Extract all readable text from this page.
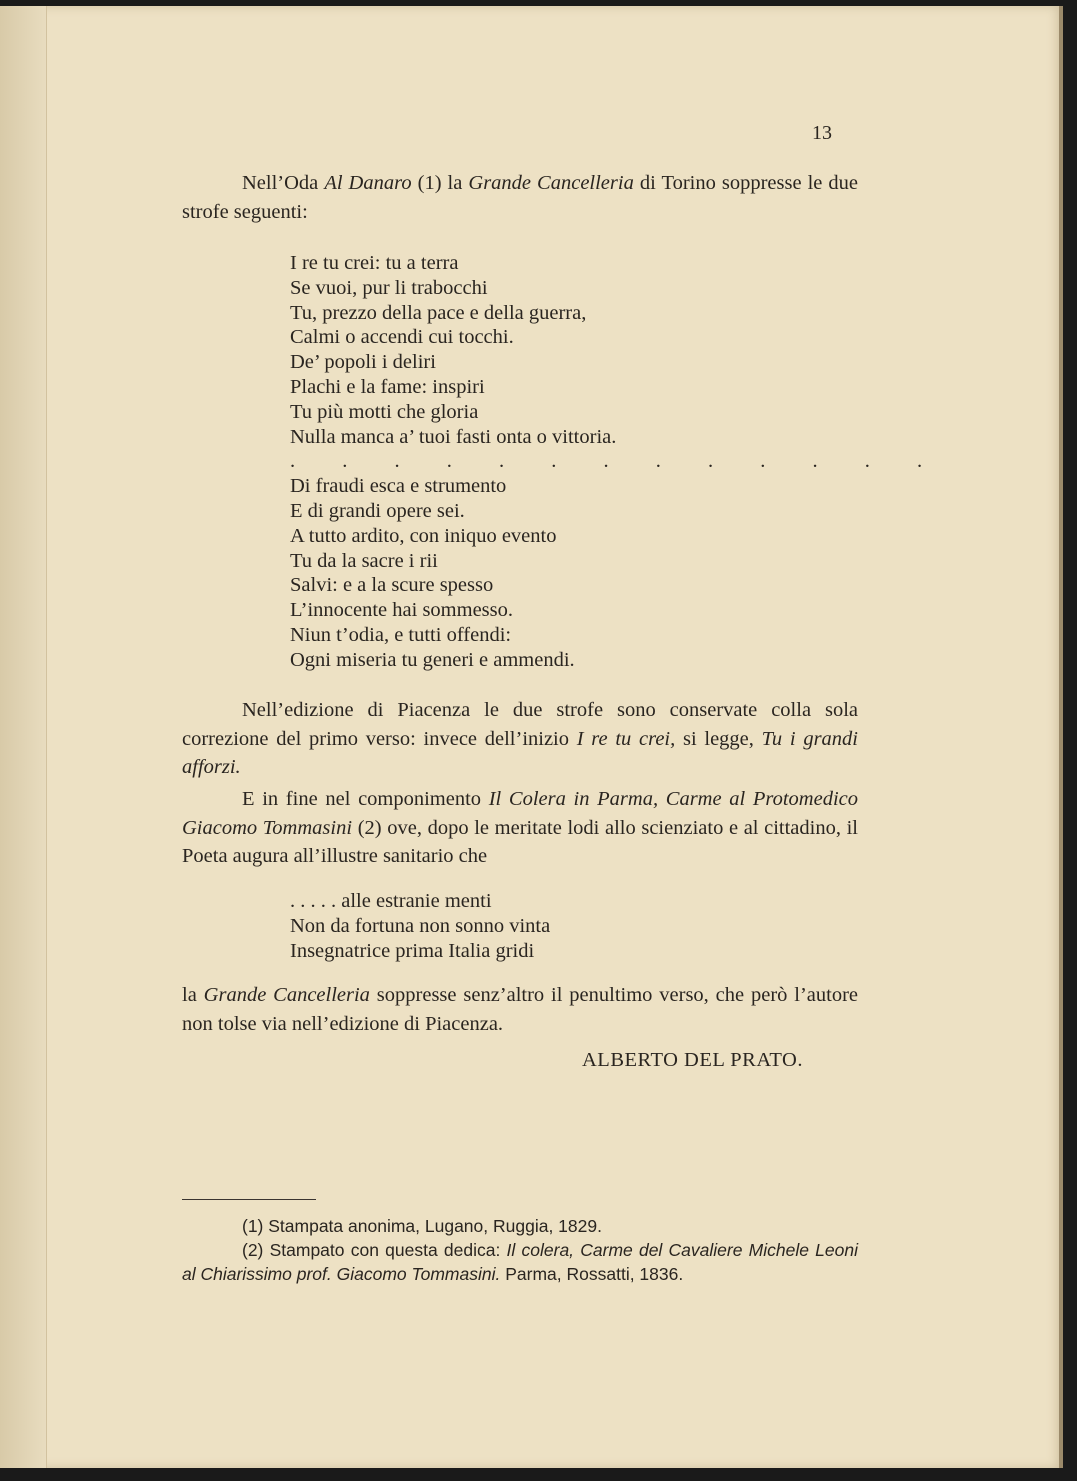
13

Nell’Oda Al Danaro (1) la Grande Cancelleria di Torino soppresse le due strofe seguenti:

I re tu crei: tu a terra
Se vuoi, pur li trabocchi
Tu, prezzo della pace e della guerra,
Calmi o accendi cui tocchi.
De’ popoli i deliri
Plachi e la fame: inspiri
Tu più motti che gloria
Nulla manca a’ tuoi fasti onta o vittoria.
. . . . . . . . . . . . .
Di fraudi esca e strumento
E di grandi opere sei.
A tutto ardito, con iniquo evento
Tu da la sacre i rii
Salvi: e a la scure spesso
L’innocente hai sommesso.
Niun t’odia, e tutti offendi:
Ogni miseria tu generi e ammendi.

Nell’edizione di Piacenza le due strofe sono conservate colla sola correzione del primo verso: invece dell’inizio I re tu crei, si legge, Tu i grandi afforzi.

E in fine nel componimento Il Colera in Parma, Carme al Protomedico Giacomo Tommasini (2) ove, dopo le meritate lodi allo scienziato e al cittadino, il Poeta augura all’illustre sanitario che

. . . . . alle estranie menti
Non da fortuna non sonno vinta
Insegnatrice prima Italia gridi

la Grande Cancelleria soppresse senz’altro il penultimo verso, che però l’autore non tolse via nell’edizione di Piacenza.

ALBERTO DEL PRATO.
(1) Stampata anonima, Lugano, Ruggia, 1829.
(2) Stampato con questa dedica: Il colera, Carme del Cavaliere Michele Leoni al Chiarissimo prof. Giacomo Tommasini. Parma, Rossatti, 1836.
